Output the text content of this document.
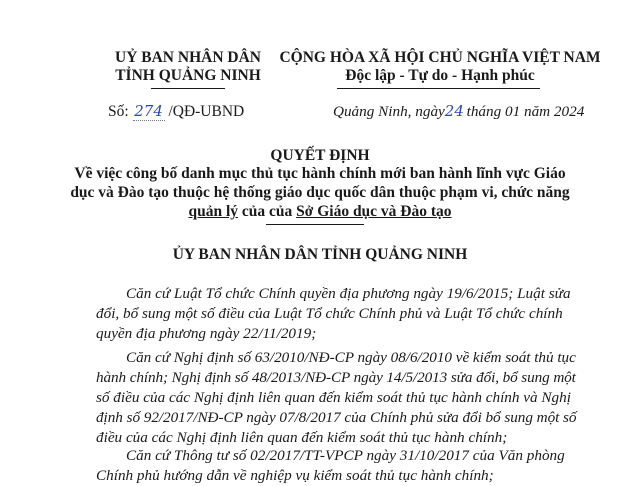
UỶ BAN NHÂN DÂN
TỈNH QUẢNG NINH
CỘNG HÒA XÃ HỘI CHỦ NGHĨA VIỆT NAM
Độc lập - Tự do - Hạnh phúc
Số: 274 /QĐ-UBND	Quảng Ninh, ngày24 tháng 01 năm 2024
QUYẾT ĐỊNH
Về việc công bố danh mục thủ tục hành chính mới ban hành lĩnh vực Giáo
dục và Đào tạo thuộc hệ thống giáo dục quốc dân thuộc phạm vi, chức năng
quản lý của của Sở Giáo dục và Đào tạo
ỦY BAN NHÂN DÂN TỈNH QUẢNG NINH
Căn cứ Luật Tổ chức Chính quyền địa phương ngày 19/6/2015; Luật sửa
đổi, bổ sung một số điều của Luật Tổ chức Chính phủ và Luật Tổ chức chính
quyền địa phương ngày 22/11/2019;
Căn cứ Nghị định số 63/2010/NĐ-CP ngày 08/6/2010 về kiểm soát thủ tục
hành chính; Nghị định số 48/2013/NĐ-CP ngày 14/5/2013 sửa đổi, bổ sung một
số điều của các Nghị định liên quan đến kiểm soát thủ tục hành chính và Nghị
định số 92/2017/NĐ-CP ngày 07/8/2017 của Chính phủ sửa đổi bổ sung một số
điều của các Nghị định liên quan đến kiểm soát thủ tục hành chính;
Căn cứ Thông tư số 02/2017/TT-VPCP ngày 31/10/2017 của Văn phòng
Chính phủ hướng dẫn về nghiệp vụ kiểm soát thủ tục hành chính;
